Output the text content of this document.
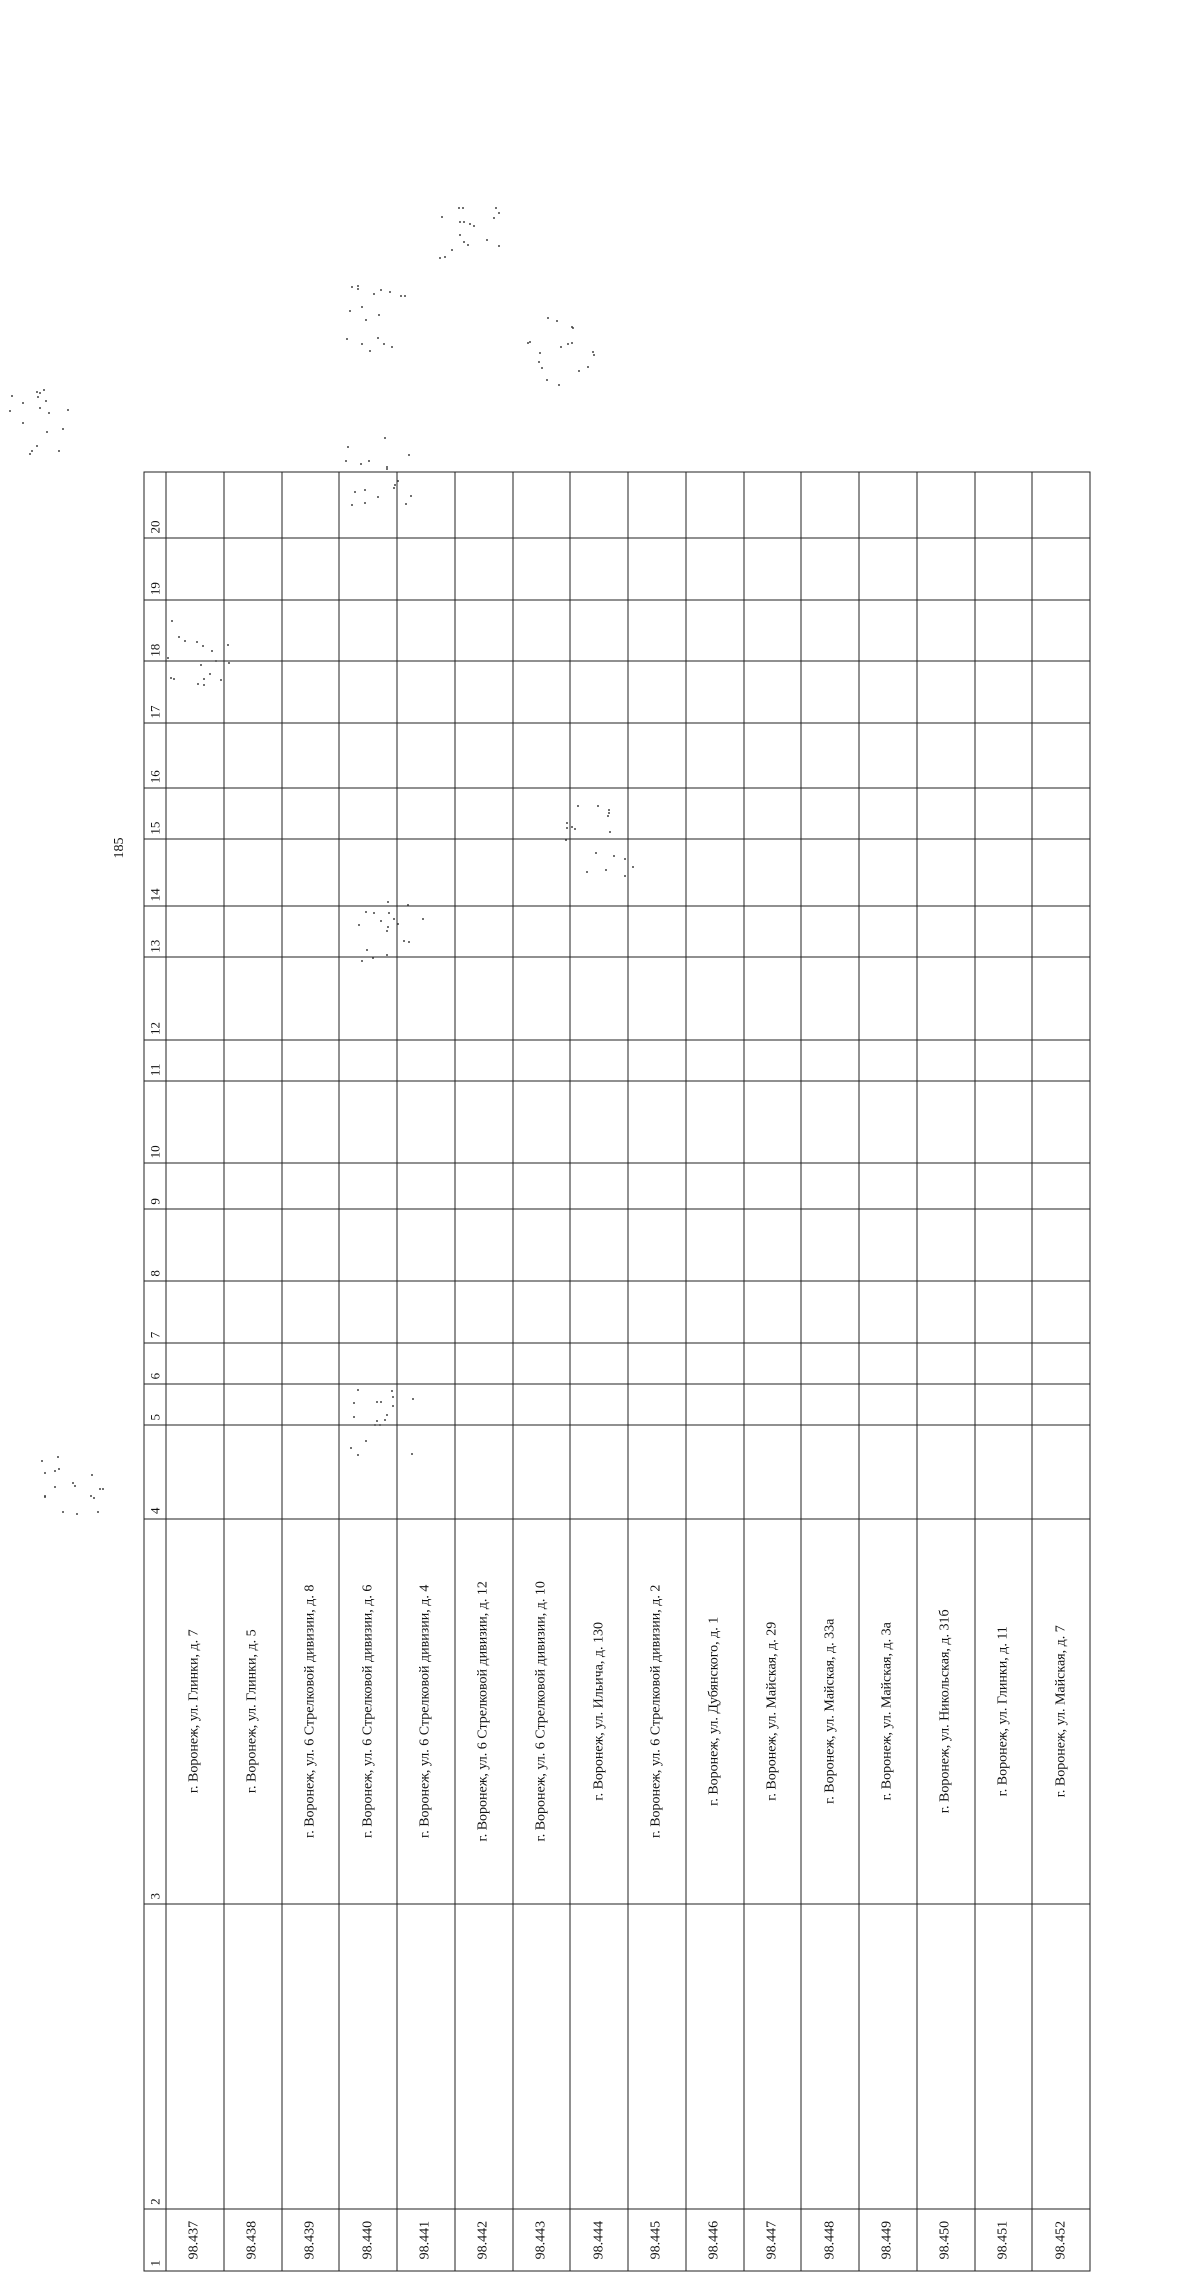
185
1	2	3	4	5	6	7	8	9	10	11	12	13	14	15	16	17	18	19	20
98.437		г. Воронеж, ул. Глинки, д. 7																	
98.438		г. Воронеж, ул. Глинки, д. 5																	
98.439		г. Воронеж, ул. 6 Стрелковой дивизии, д. 8																	
98.440		г. Воронеж, ул. 6 Стрелковой дивизии, д. 6																	
98.441		г. Воронеж, ул. 6 Стрелковой дивизии, д. 4																	
98.442		г. Воронеж, ул. 6 Стрелковой дивизии, д. 12																	
98.443		г. Воронеж, ул. 6 Стрелковой дивизии, д. 10																	
98.444		г. Воронеж, ул. Ильича, д. 130																	
98.445		г. Воронеж, ул. 6 Стрелковой дивизии, д. 2																	
98.446		г. Воронеж, ул. Дубянского, д. 1																	
98.447		г. Воронеж, ул. Майская, д. 29																	
98.448		г. Воронеж, ул. Майская, д. 33а																	
98.449		г. Воронеж, ул. Майская, д. 3а																	
98.450		г. Воронеж, ул. Никольская, д. 31б																	
98.451		г. Воронеж, ул. Глинки, д. 11																	
98.452		г. Воронеж, ул. Майская, д. 7																	
